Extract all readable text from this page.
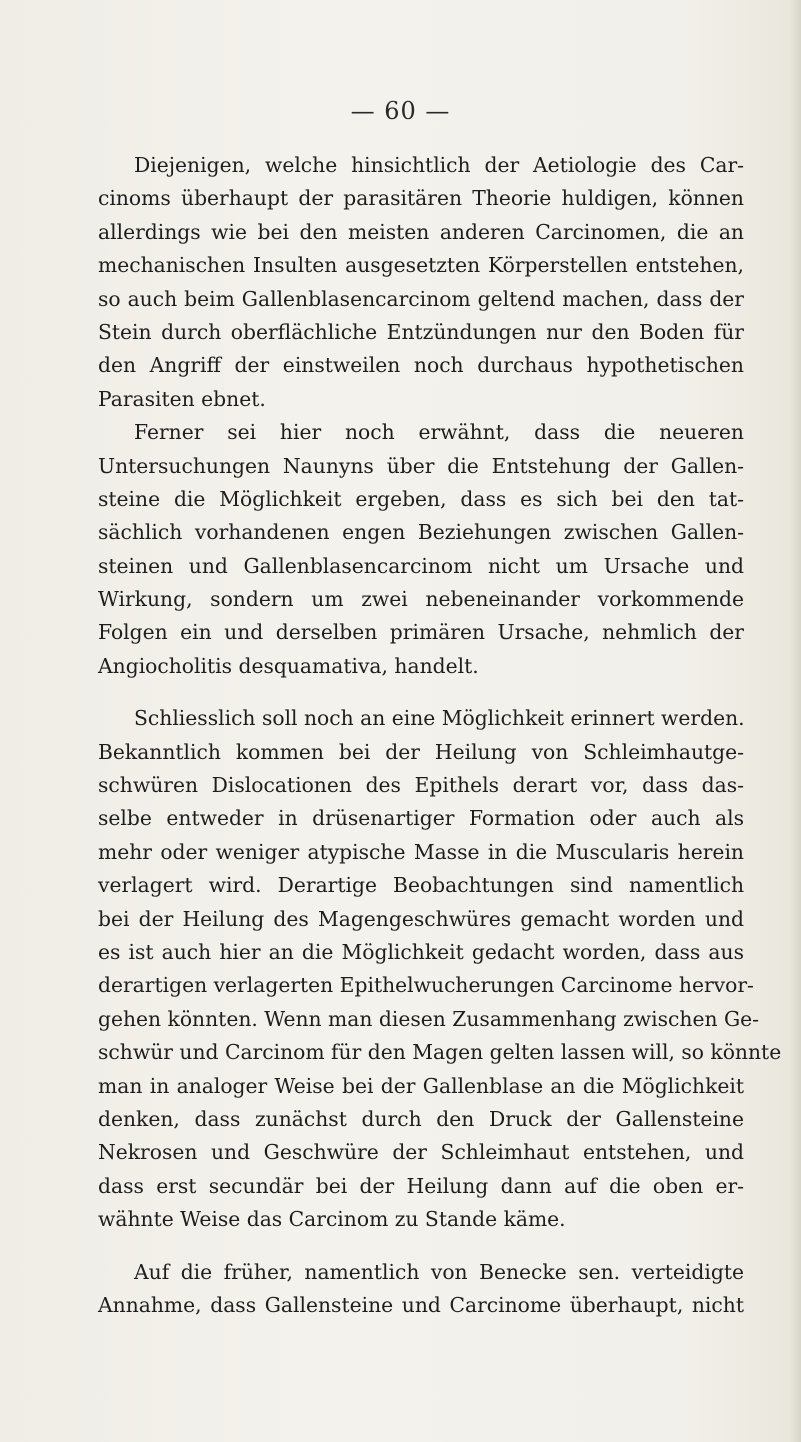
— 60 —
Diejenigen, welche hinsichtlich der Aetiologie des Car-
cinoms überhaupt der parasitären Theorie huldigen, können
allerdings wie bei den meisten anderen Carcinomen, die an
mechanischen Insulten ausgesetzten Körperstellen entstehen,
so auch beim Gallenblasencarcinom geltend machen, dass der
Stein durch oberflächliche Entzündungen nur den Boden für
den Angriff der einstweilen noch durchaus hypothetischen
Parasiten ebnet.
Ferner sei hier noch erwähnt, dass die neueren
Untersuchungen Naunyns über die Entstehung der Gallen-
steine die Möglichkeit ergeben, dass es sich bei den tat-
sächlich vorhandenen engen Beziehungen zwischen Gallen-
steinen und Gallenblasencarcinom nicht um Ursache und
Wirkung, sondern um zwei nebeneinander vorkommende
Folgen ein und derselben primären Ursache, nehmlich der
Angiocholitis desquamativa, handelt.
Schliesslich soll noch an eine Möglichkeit erinnert werden.
Bekanntlich kommen bei der Heilung von Schleimhautge-
schwüren Dislocationen des Epithels derart vor, dass das-
selbe entweder in drüsenartiger Formation oder auch als
mehr oder weniger atypische Masse in die Muscularis herein
verlagert wird. Derartige Beobachtungen sind namentlich
bei der Heilung des Magengeschwüres gemacht worden und
es ist auch hier an die Möglichkeit gedacht worden, dass aus
derartigen verlagerten Epithelwucherungen Carcinome hervor-
gehen könnten. Wenn man diesen Zusammenhang zwischen Ge-
schwür und Carcinom für den Magen gelten lassen will, so könnte
man in analoger Weise bei der Gallenblase an die Möglichkeit
denken, dass zunächst durch den Druck der Gallensteine
Nekrosen und Geschwüre der Schleimhaut entstehen, und
dass erst secundär bei der Heilung dann auf die oben er-
wähnte Weise das Carcinom zu Stande käme.
Auf die früher, namentlich von Benecke sen. verteidigte
Annahme, dass Gallensteine und Carcinome überhaupt, nicht
